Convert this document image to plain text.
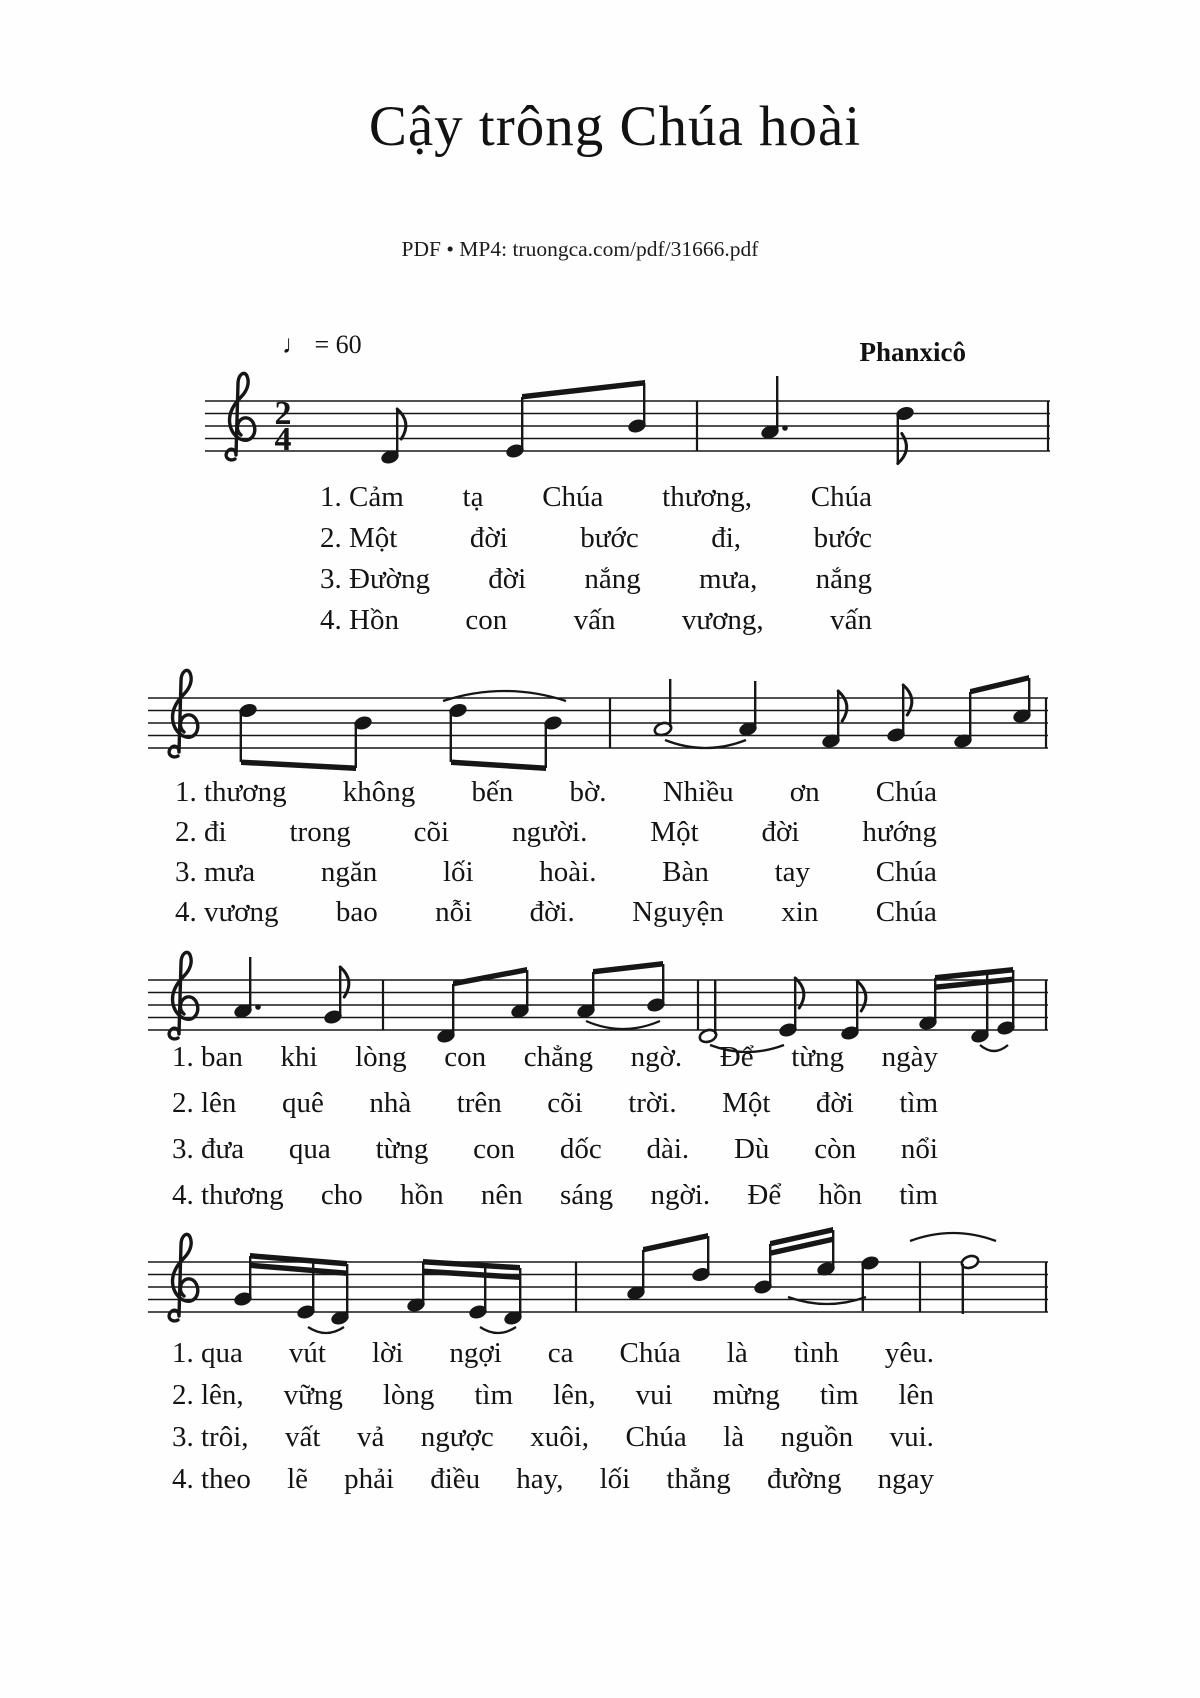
Cậy trông Chúa hoài
PDF • MP4: truongca.com/pdf/31666.pdf
♩ = 60	Phanxicô
2
4
1. Cảm tạ Chúa thương, Chúa
2. Một	đời	bước	đi,	bước
3. Đường đời nắng mưa, nắng
4. Hồn con vấn vương, vấn
1. thương không bến bờ. Nhiều ơn Chúa
2. đi trong cõi người. Một đời hướng
3. mưa ngăn lối hoài. Bàn tay Chúa
4. vương bao nỗi đời. Nguyện xin Chúa
1. ban khi lòng con chẳng ngờ. Để từng ngày
2. lên quê nhà trên cõi trời. Một đời tìm
3. đưa qua từng con dốc dài. Dù còn nổi
4. thương cho hồn nên sáng ngời. Để hồn tìm
1. qua vút lời ngợi ca Chúa là tình yêu.
2. lên, vững lòng tìm lên, vui mừng tìm lên
3. trôi, vất vả ngược xuôi, Chúa là nguồn vui.
4. theo lẽ phải điều hay, lối thẳng đường ngay
